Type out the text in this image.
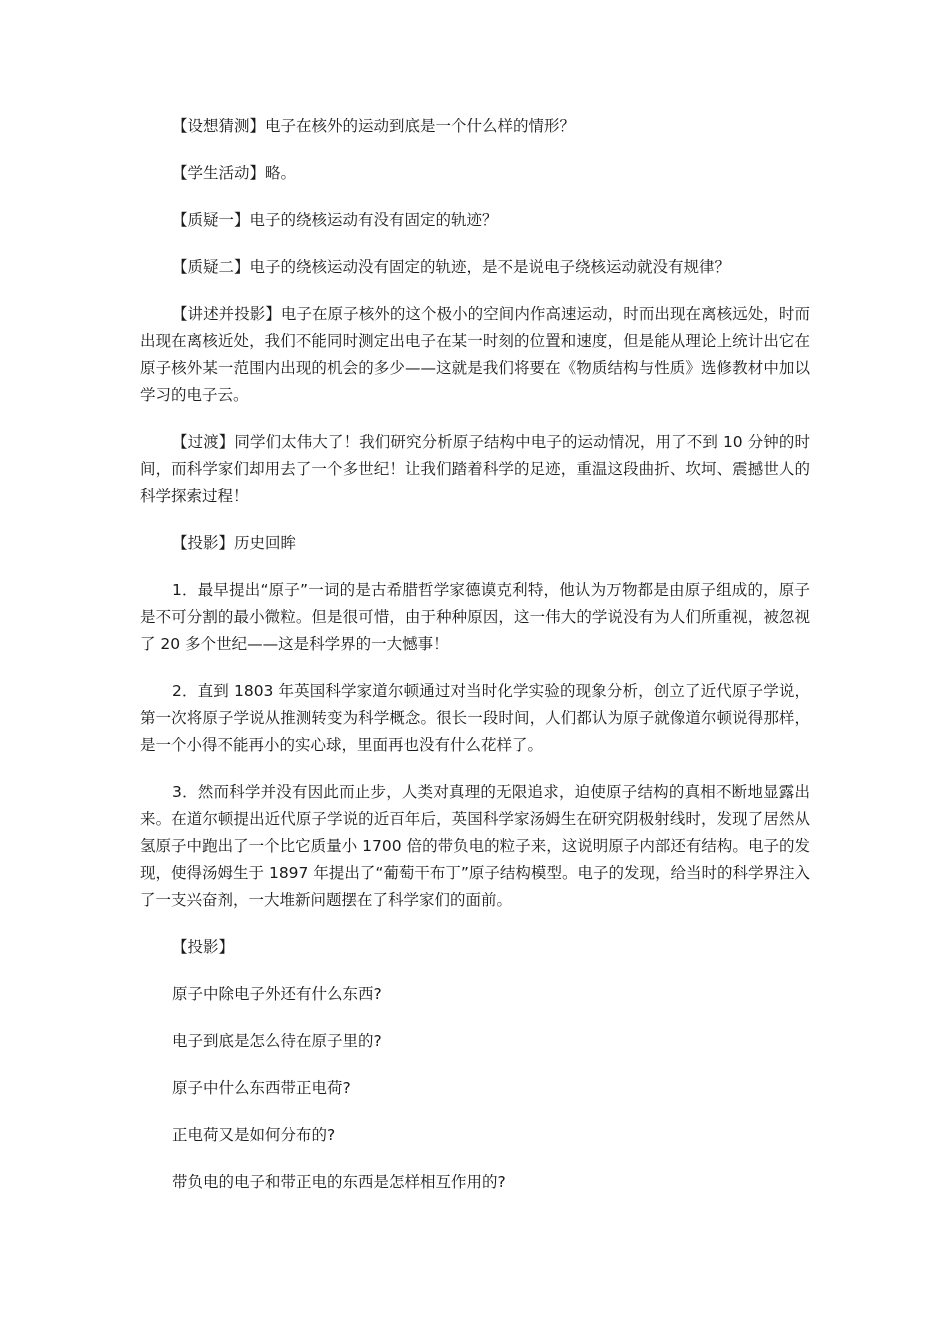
【设想猜测】电子在核外的运动到底是一个什么样的情形？

【学生活动】略。

【质疑一】电子的绕核运动有没有固定的轨迹？

【质疑二】电子的绕核运动没有固定的轨迹，是不是说电子绕核运动就没有规律？

【讲述并投影】电子在原子核外的这个极小的空间内作高速运动，时而出现在离核远处，时而出现在离核近处，我们不能同时测定出电子在某一时刻的位置和速度，但是能从理论上统计出它在原子核外某一范围内出现的机会的多少——这就是我们将要在《物质结构与性质》选修教材中加以学习的电子云。

【过渡】同学们太伟大了！我们研究分析原子结构中电子的运动情况，用了不到 10 分钟的时间，而科学家们却用去了一个多世纪！让我们踏着科学的足迹，重温这段曲折、坎坷、震撼世人的科学探索过程！

【投影】历史回眸

1．最早提出“原子”一词的是古希腊哲学家德谟克利特，他认为万物都是由原子组成的，原子是不可分割的最小微粒。但是很可惜，由于种种原因，这一伟大的学说没有为人们所重视，被忽视了 20 多个世纪——这是科学界的一大憾事！

2．直到 1803 年英国科学家道尔顿通过对当时化学实验的现象分析，创立了近代原子学说，第一次将原子学说从推测转变为科学概念。很长一段时间，人们都认为原子就像道尔顿说得那样，是一个小得不能再小的实心球，里面再也没有什么花样了。

3．然而科学并没有因此而止步，人类对真理的无限追求，迫使原子结构的真相不断地显露出来。在道尔顿提出近代原子学说的近百年后，英国科学家汤姆生在研究阴极射线时，发现了居然从氢原子中跑出了一个比它质量小 1700 倍的带负电的粒子来，这说明原子内部还有结构。电子的发现，使得汤姆生于 1897 年提出了“葡萄干布丁”原子结构模型。电子的发现，给当时的科学界注入了一支兴奋剂，一大堆新问题摆在了科学家们的面前。

【投影】

原子中除电子外还有什么东西?

电子到底是怎么待在原子里的?

原子中什么东西带正电荷?

正电荷又是如何分布的?

带负电的电子和带正电的东西是怎样相互作用的?
